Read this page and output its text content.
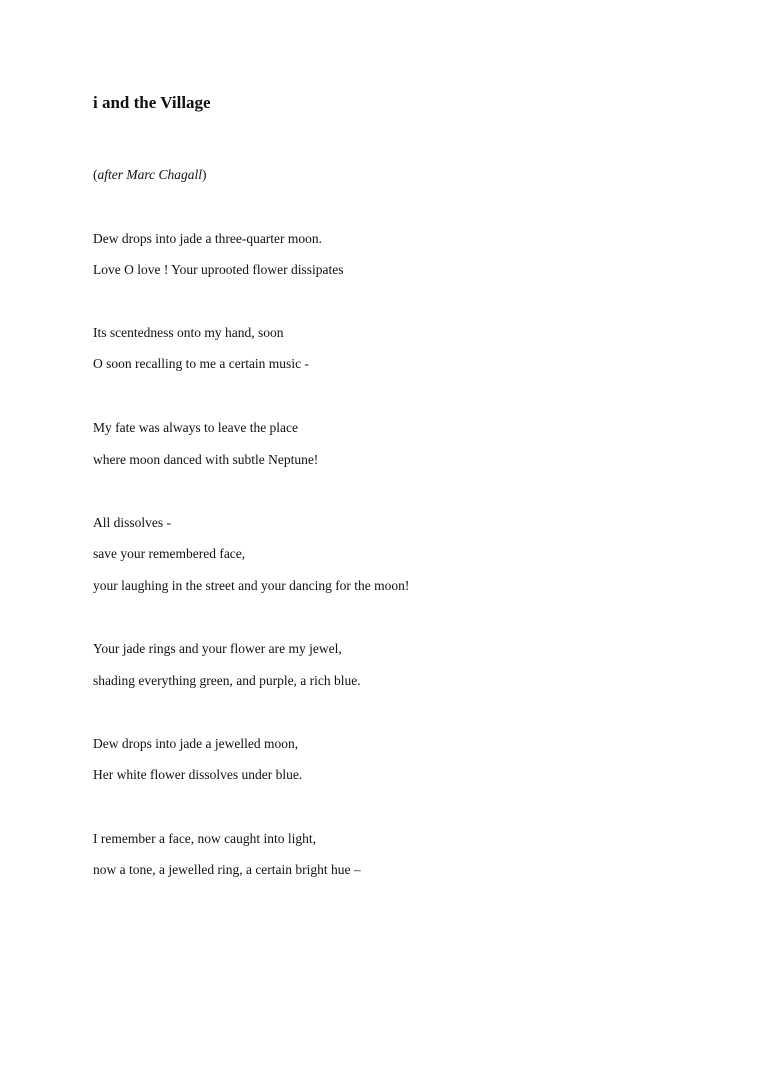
i and the Village

(after Marc Chagall)

Dew drops into jade a three-quarter moon.

Love O love ! Your uprooted flower dissipates

Its scentedness onto my hand, soon

O soon recalling to me a certain music -

My fate was always to leave the place

where moon danced with subtle Neptune!

All dissolves -

save your remembered face,

your laughing in the street and your dancing for the moon!

Your jade rings and your flower are my jewel,

shading everything green, and purple, a rich blue.

Dew drops into jade a jewelled moon,

Her white flower dissolves under blue.

I remember a face, now caught into light,

now a tone, a jewelled ring, a certain bright hue –
